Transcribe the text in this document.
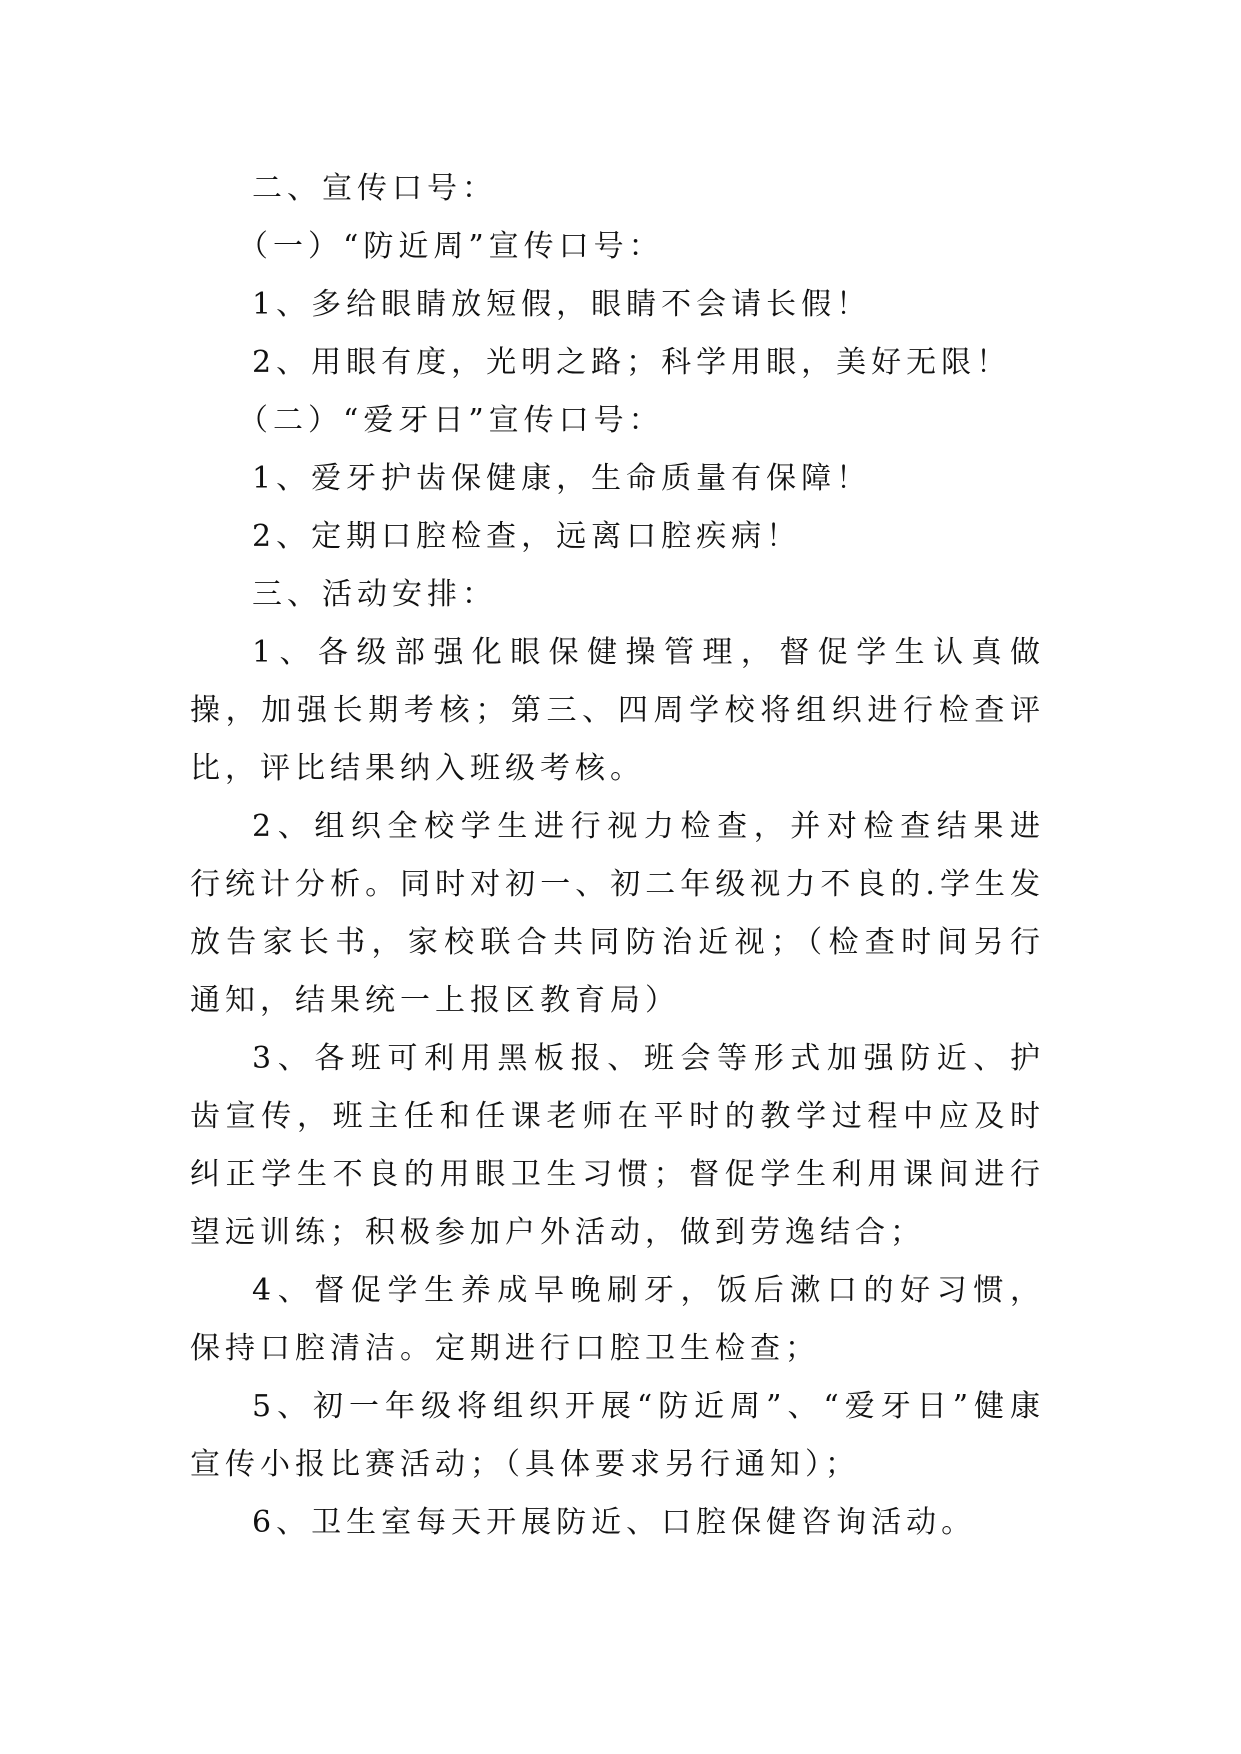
二、宣传口号：
（一）“防近周”宣传口号：
1、多给眼睛放短假，眼睛不会请长假！
2、用眼有度，光明之路；科学用眼，美好无限！
（二）“爱牙日”宣传口号：
1、爱牙护齿保健康，生命质量有保障！
2、定期口腔检查，远离口腔疾病！
三、活动安排：

1、各级部强化眼保健操管理，督促学生认真做操，加强长期考核；第三、四周学校将组织进行检查评比，评比结果纳入班级考核。

2、组织全校学生进行视力检查，并对检查结果进行统计分析。同时对初一、初二年级视力不良的.学生发放告家长书，家校联合共同防治近视；（检查时间另行通知，结果统一上报区教育局）

3、各班可利用黑板报、班会等形式加强防近、护齿宣传，班主任和任课老师在平时的教学过程中应及时纠正学生不良的用眼卫生习惯；督促学生利用课间进行望远训练；积极参加户外活动，做到劳逸结合；

4、督促学生养成早晚刷牙，饭后漱口的好习惯，保持口腔清洁。定期进行口腔卫生检查；

5、初一年级将组织开展“防近周”、“爱牙日”健康宣传小报比赛活动；（具体要求另行通知）；

6、卫生室每天开展防近、口腔保健咨询活动。
